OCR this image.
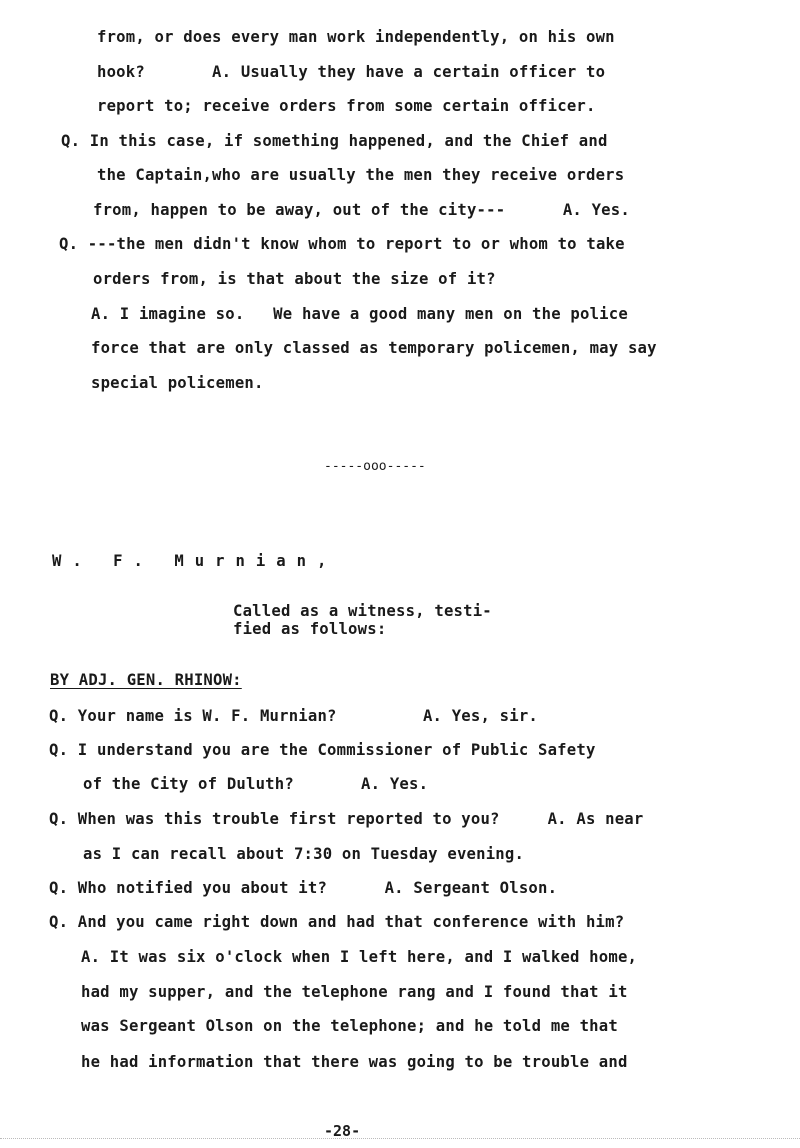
from, or does every man work independently, on his own
hook?       A. Usually they have a certain officer to
report to; receive orders from some certain officer.
Q. In this case, if something happened, and the Chief and
the Captain,who are usually the men they receive orders
from, happen to be away, out of the city---      A. Yes.
Q. ---the men didn't know whom to report to or whom to take
orders from, is that about the size of it?
A. I imagine so.   We have a good many men on the police
force that are only classed as temporary policemen, may say
special policemen.
-----ooo-----
W. F. Murnian,
Called as a witness, testi-
fied as follows:
BY ADJ. GEN. RHINOW:
Q. Your name is W. F. Murnian?         A. Yes, sir.
Q. I understand you are the Commissioner of Public Safety
of the City of Duluth?       A. Yes.
Q. When was this trouble first reported to you?     A. As near
as I can recall about 7:30 on Tuesday evening.
Q. Who notified you about it?      A. Sergeant Olson.
Q. And you came right down and had that conference with him?
A. It was six o'clock when I left here, and I walked home,
had my supper, and the telephone rang and I found that it
was Sergeant Olson on the telephone; and he told me that
he had information that there was going to be trouble and
-28-
